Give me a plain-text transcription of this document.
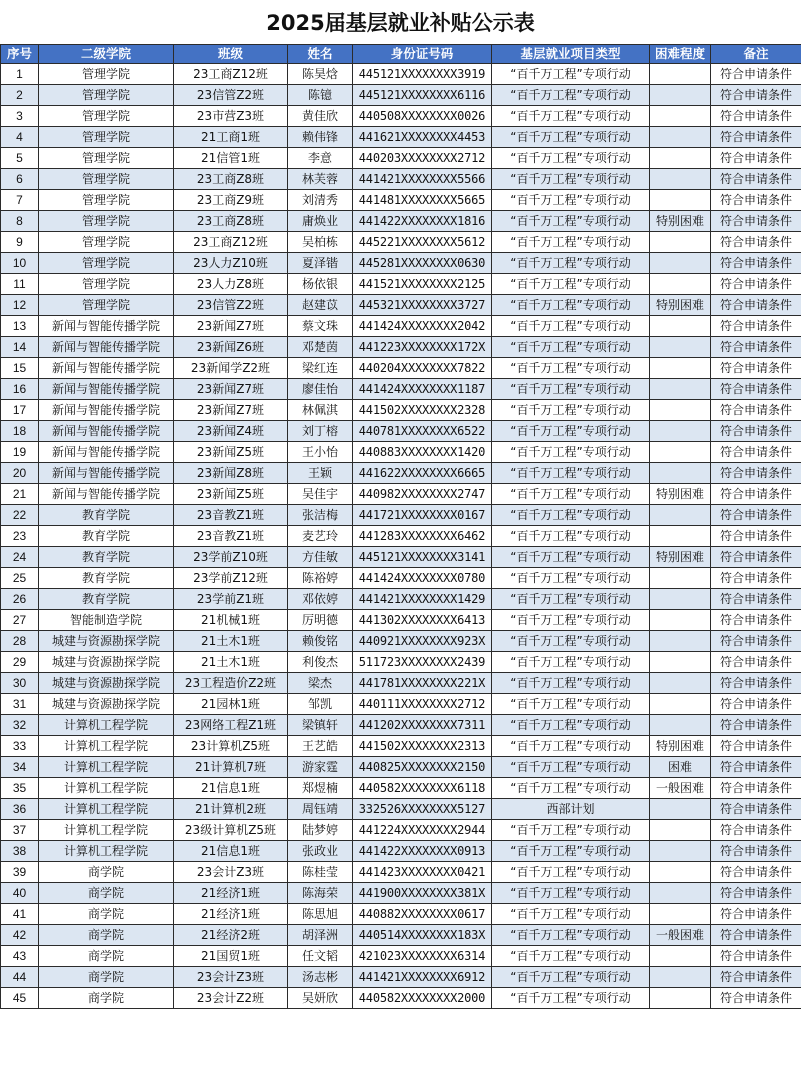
2025届基层就业补贴公示表
序号	二级学院	班级	姓名	身份证号码	基层就业项目类型	困难程度	备注
1	管理学院	23工商Z12班	陈昊焓	445121XXXXXXXX3919	“百千万工程”专项行动		符合申请条件
2	管理学院	23信管Z2班	陈镱	445121XXXXXXXX6116	“百千万工程”专项行动		符合申请条件
3	管理学院	23市营Z3班	黄佳欣	440508XXXXXXXX0026	“百千万工程”专项行动		符合申请条件
4	管理学院	21工商1班	赖伟锋	441621XXXXXXXX4453	“百千万工程”专项行动		符合申请条件
5	管理学院	21信管1班	李意	440203XXXXXXXX2712	“百千万工程”专项行动		符合申请条件
6	管理学院	23工商Z8班	林芙蓉	441421XXXXXXXX5566	“百千万工程”专项行动		符合申请条件
7	管理学院	23工商Z9班	刘清秀	441481XXXXXXXX5665	“百千万工程”专项行动		符合申请条件
8	管理学院	23工商Z8班	庸焕业	441422XXXXXXXX1816	“百千万工程”专项行动	特别困难	符合申请条件
9	管理学院	23工商Z12班	吴柏栋	445221XXXXXXXX5612	“百千万工程”专项行动		符合申请条件
10	管理学院	23人力Z10班	夏泽锴	445281XXXXXXXX0630	“百千万工程”专项行动		符合申请条件
11	管理学院	23人力Z8班	杨依银	441521XXXXXXXX2125	“百千万工程”专项行动		符合申请条件
12	管理学院	23信管Z2班	赵建苡	445321XXXXXXXX3727	“百千万工程”专项行动	特别困难	符合申请条件
13	新闻与智能传播学院	23新闻Z7班	蔡文珠	441424XXXXXXXX2042	“百千万工程”专项行动		符合申请条件
14	新闻与智能传播学院	23新闻Z6班	邓楚茵	441223XXXXXXXX172X	“百千万工程”专项行动		符合申请条件
15	新闻与智能传播学院	23新闻学Z2班	梁红连	440204XXXXXXXX7822	“百千万工程”专项行动		符合申请条件
16	新闻与智能传播学院	23新闻Z7班	廖佳怡	441424XXXXXXXX1187	“百千万工程”专项行动		符合申请条件
17	新闻与智能传播学院	23新闻Z7班	林佩淇	441502XXXXXXXX2328	“百千万工程”专项行动		符合申请条件
18	新闻与智能传播学院	23新闻Z4班	刘丁榕	440781XXXXXXXX6522	“百千万工程”专项行动		符合申请条件
19	新闻与智能传播学院	23新闻Z5班	王小怡	440883XXXXXXXX1420	“百千万工程”专项行动		符合申请条件
20	新闻与智能传播学院	23新闻Z8班	王颖	441622XXXXXXXX6665	“百千万工程”专项行动		符合申请条件
21	新闻与智能传播学院	23新闻Z5班	吴佳宇	440982XXXXXXXX2747	“百千万工程”专项行动	特别困难	符合申请条件
22	教育学院	23音教Z1班	张洁梅	441721XXXXXXXX0167	“百千万工程”专项行动		符合申请条件
23	教育学院	23音教Z1班	麦艺玲	441283XXXXXXXX6462	“百千万工程”专项行动		符合申请条件
24	教育学院	23学前Z10班	方佳敏	445121XXXXXXXX3141	“百千万工程”专项行动	特别困难	符合申请条件
25	教育学院	23学前Z12班	陈裕婷	441424XXXXXXXX0780	“百千万工程”专项行动		符合申请条件
26	教育学院	23学前Z1班	邓依婷	441421XXXXXXXX1429	“百千万工程”专项行动		符合申请条件
27	智能制造学院	21机械1班	厉明德	441302XXXXXXXX6413	“百千万工程”专项行动		符合申请条件
28	城建与资源勘探学院	21土木1班	赖俊铭	440921XXXXXXXX923X	“百千万工程”专项行动		符合申请条件
29	城建与资源勘探学院	21土木1班	利俊杰	511723XXXXXXXX2439	“百千万工程”专项行动		符合申请条件
30	城建与资源勘探学院	23工程造价Z2班	梁杰	441781XXXXXXXX221X	“百千万工程”专项行动		符合申请条件
31	城建与资源勘探学院	21园林1班	邹凯	440111XXXXXXXX2712	“百千万工程”专项行动		符合申请条件
32	计算机工程学院	23网络工程Z1班	梁镇轩	441202XXXXXXXX7311	“百千万工程”专项行动		符合申请条件
33	计算机工程学院	23计算机Z5班	王艺皓	441502XXXXXXXX2313	“百千万工程”专项行动	特别困难	符合申请条件
34	计算机工程学院	21计算机7班	游家霆	440825XXXXXXXX2150	“百千万工程”专项行动	困难	符合申请条件
35	计算机工程学院	21信息1班	郑煜楠	440582XXXXXXXX6118	“百千万工程”专项行动	一般困难	符合申请条件
36	计算机工程学院	21计算机2班	周钰靖	332526XXXXXXXX5127	西部计划		符合申请条件
37	计算机工程学院	23级计算机Z5班	陆梦婷	441224XXXXXXXX2944	“百千万工程”专项行动		符合申请条件
38	计算机工程学院	21信息1班	张政业	441422XXXXXXXX0913	“百千万工程”专项行动		符合申请条件
39	商学院	23会计Z3班	陈桂莹	441423XXXXXXXX0421	“百千万工程”专项行动		符合申请条件
40	商学院	21经济1班	陈海荣	441900XXXXXXXX381X	“百千万工程”专项行动		符合申请条件
41	商学院	21经济1班	陈思旭	440882XXXXXXXX0617	“百千万工程”专项行动		符合申请条件
42	商学院	21经济2班	胡泽洲	440514XXXXXXXX183X	“百千万工程”专项行动	一般困难	符合申请条件
43	商学院	21国贸1班	任文韬	421023XXXXXXXX6314	“百千万工程”专项行动		符合申请条件
44	商学院	23会计Z3班	汤志彬	441421XXXXXXXX6912	“百千万工程”专项行动		符合申请条件
45	商学院	23会计Z2班	吴妍欣	440582XXXXXXXX2000	“百千万工程”专项行动		符合申请条件
